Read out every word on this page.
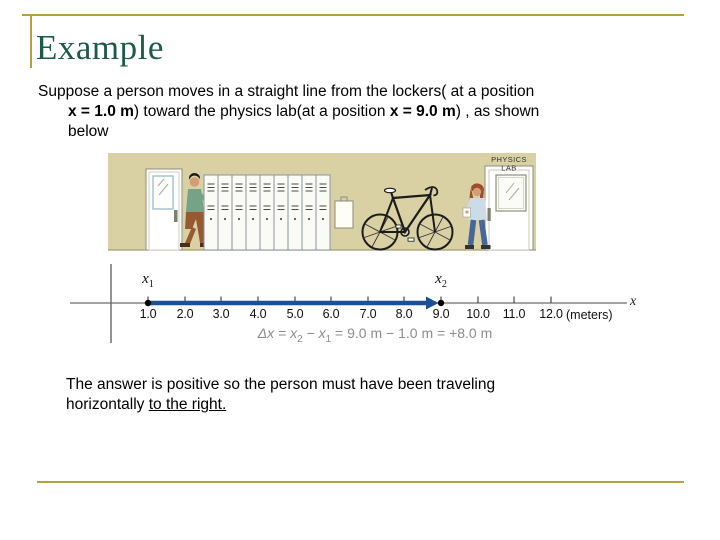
Example
Suppose a person moves in a straight line from the lockers( at a position
x = 1.0 m) toward the physics lab(at a position x = 9.0 m) , as shown
below
PHYSICS
LAB
1.0	2.0	3.0	4.0	5.0	6.0	7.0	8.0	9.0	10.0	11.0	12.0
$x_1$	$x_2$
x
(meters)
$\Delta x = x_2 - x_1 = 9.0$ m − 1.0 m = +8.0 m
The answer is positive so the person must have been traveling
horizontally to the right.
